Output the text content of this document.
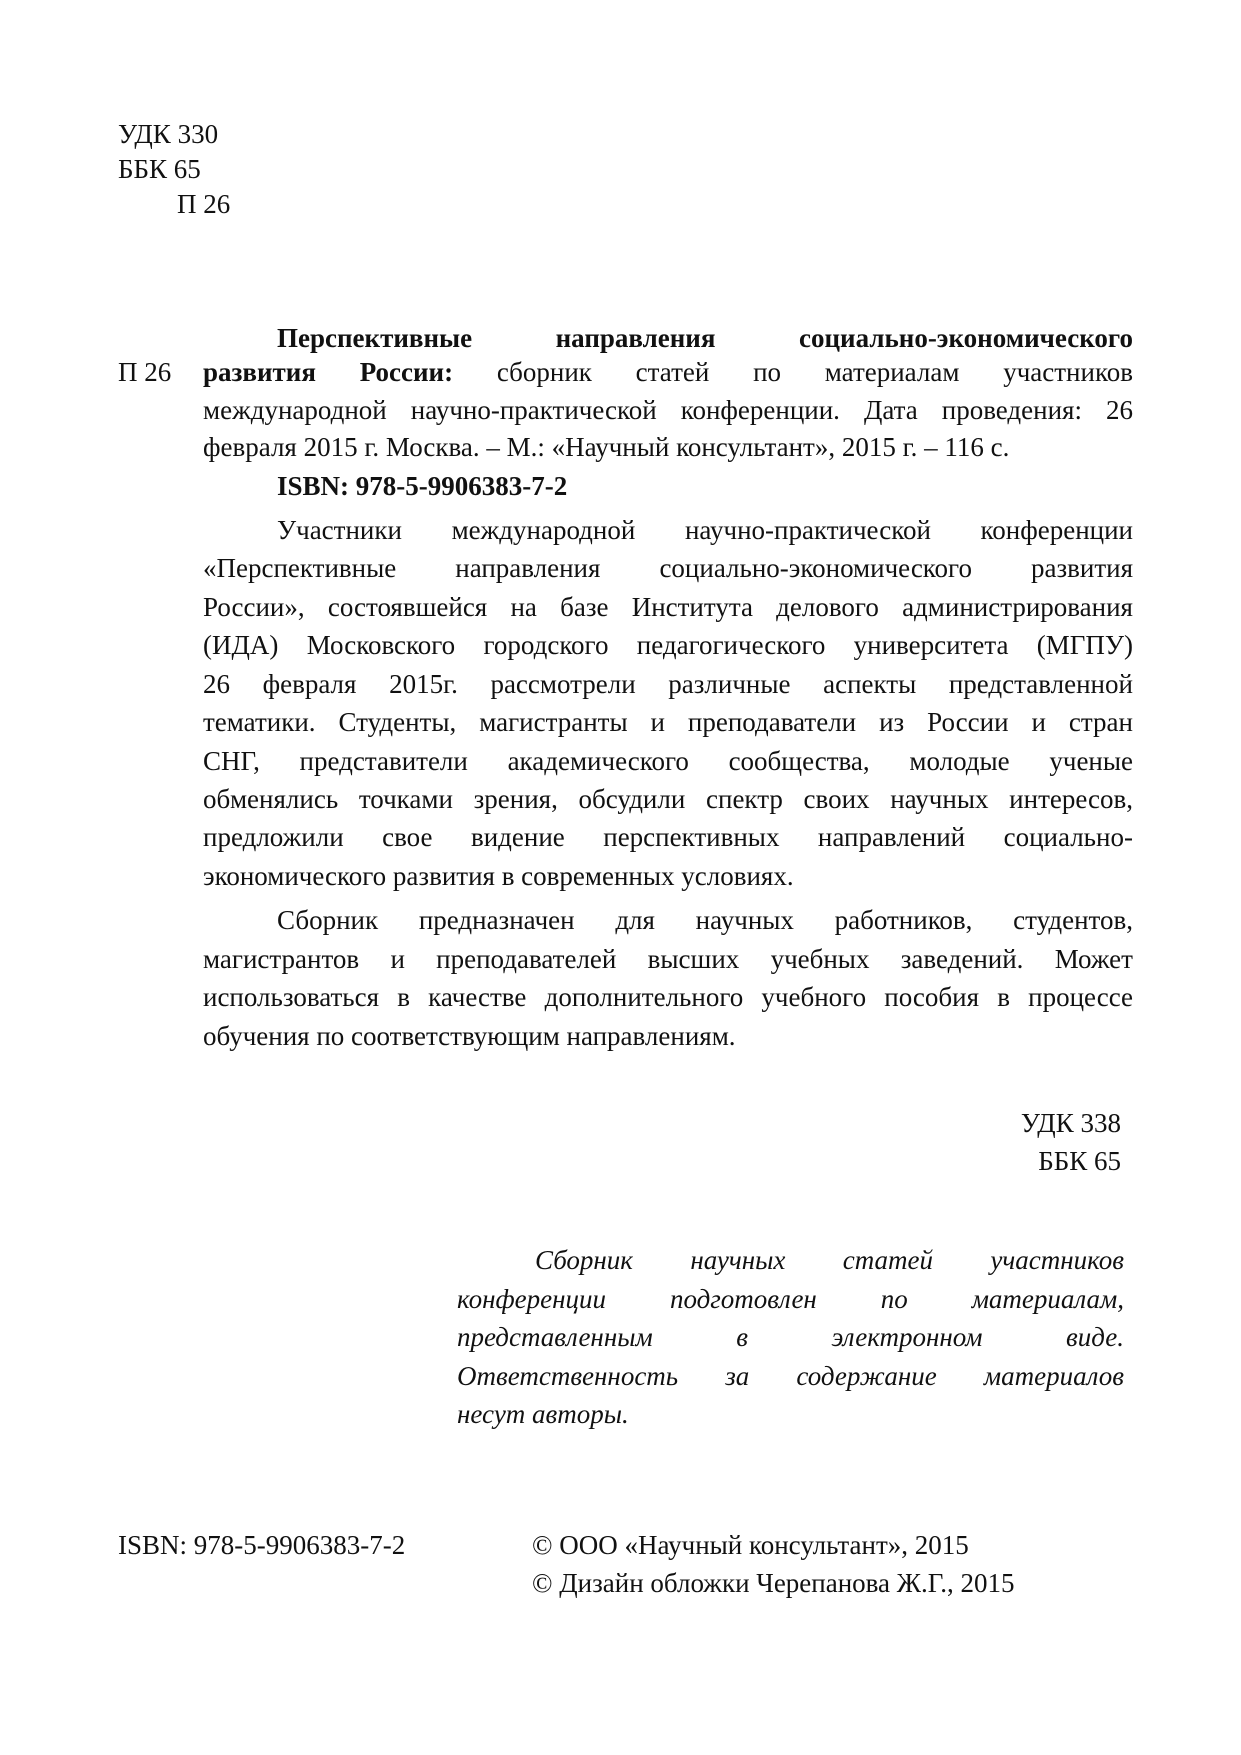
УДК 330
ББК 65
П 26
П 26
Перспективные	направления	социально-экономического
развития России: сборник статей по материалам участников
международной научно-практической конференции. Дата проведения: 26
февраля 2015 г. Москва. – М.: «Научный консультант», 2015 г. – 116 с.
ISBN: 978-5-9906383-7-2
Участники международной научно-практической конференции
«Перспективные направления социально-экономического развития
России», состоявшейся на базе Института делового администрирования
(ИДА) Московского городского педагогического университета (МГПУ)
26 февраля 2015г. рассмотрели различные аспекты представленной
тематики. Студенты, магистранты и преподаватели из России и стран
СНГ, представители академического сообщества, молодые ученые
обменялись точками зрения, обсудили спектр своих научных интересов,
предложили свое видение перспективных направлений социально-
экономического развития в современных условиях.
Сборник предназначен для научных работников, студентов,
магистрантов и преподавателей высших учебных заведений. Может
использоваться в качестве дополнительного учебного пособия в процессе
обучения по соответствующим направлениям.
УДК 338
ББК 65
Сборник научных статей участников
конференции подготовлен по материалам,
представленным	в	электронном	виде.
Ответственность за содержание материалов
несут авторы.
ISBN: 978-5-9906383-7-2	© ООО «Научный консультант», 2015
© Дизайн обложки Черепанова Ж.Г., 2015
